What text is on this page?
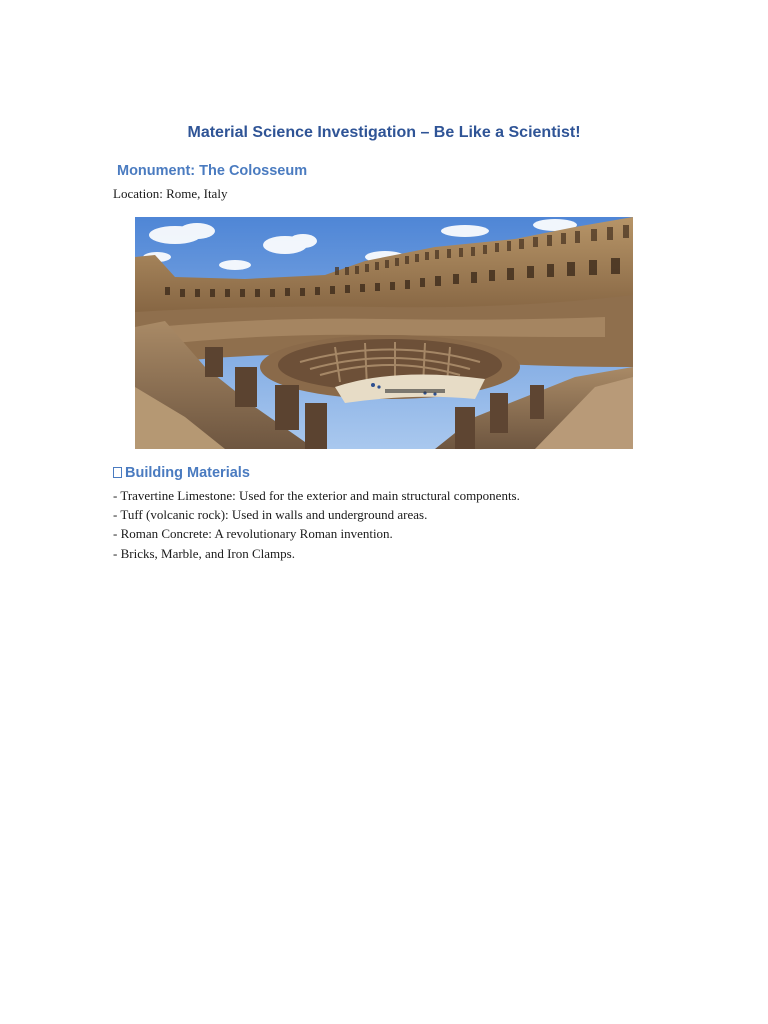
Material Science Investigation – Be Like a Scientist!
Monument: The Colosseum
Location: Rome, Italy
Building Materials
- Travertine Limestone: Used for the exterior and main structural components.
- Tuff (volcanic rock): Used in walls and underground areas.
- Roman Concrete: A revolutionary Roman invention.
- Bricks, Marble, and Iron Clamps.
